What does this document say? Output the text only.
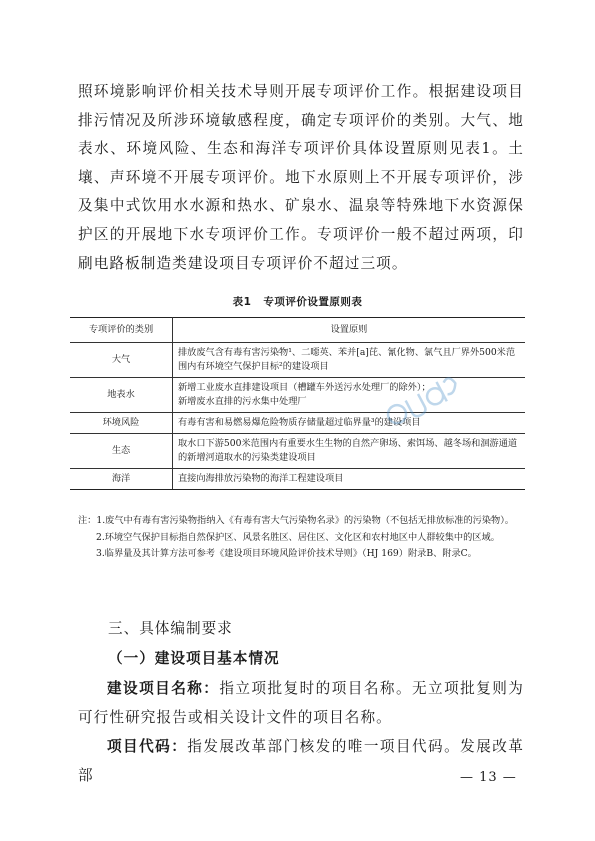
照环境影响评价相关技术导则开展专项评价工作。根据建设项目排污情况及所涉环境敏感程度，确定专项评价的类别。大气、地表水、环境风险、生态和海洋专项评价具体设置原则见表1。土壤、声环境不开展专项评价。地下水原则上不开展专项评价，涉及集中式饮用水水源和热水、矿泉水、温泉等特殊地下水资源保护区的开展地下水专项评价工作。专项评价一般不超过两项，印刷电路板制造类建设项目专项评价不超过三项。

表1 专项评价设置原则表
专项评价的类别	设置原则
大气	排放废气含有毒有害污染物¹、二噁英、苯并[a]芘、氰化物、氯气且厂界外500米范围内有环境空气保护目标²的建设项目
地表水	新增工业废水直排建设项目（槽罐车外送污水处理厂的除外）；
新增废水直排的污水集中处理厂
环境风险	有毒有害和易燃易爆危险物质存储量超过临界量³的建设项目
生态	取水口下游500米范围内有重要水生生物的自然产卵场、索饵场、越冬场和洄游通道的新增河道取水的污染类建设项目
海洋	直接向海排放污染物的海洋工程建设项目

注：1.废气中有毒有害污染物指纳入《有毒有害大气污染物名录》的污染物（不包括无排放标准的污染物）。

2.环境空气保护目标指自然保护区、风景名胜区、居住区、文化区和农村地区中人群较集中的区域。

3.临界量及其计算方法可参考《建设项目环境风险评价技术导则》（HJ 169）附录B、附录C。

三、具体编制要求
（一）建设项目基本情况

建设项目名称：指立项批复时的项目名称。无立项批复则为可行性研究报告或相关设计文件的项目名称。

项目代码：指发展改革部门核发的唯一项目代码。发展改革部	— 13 —
